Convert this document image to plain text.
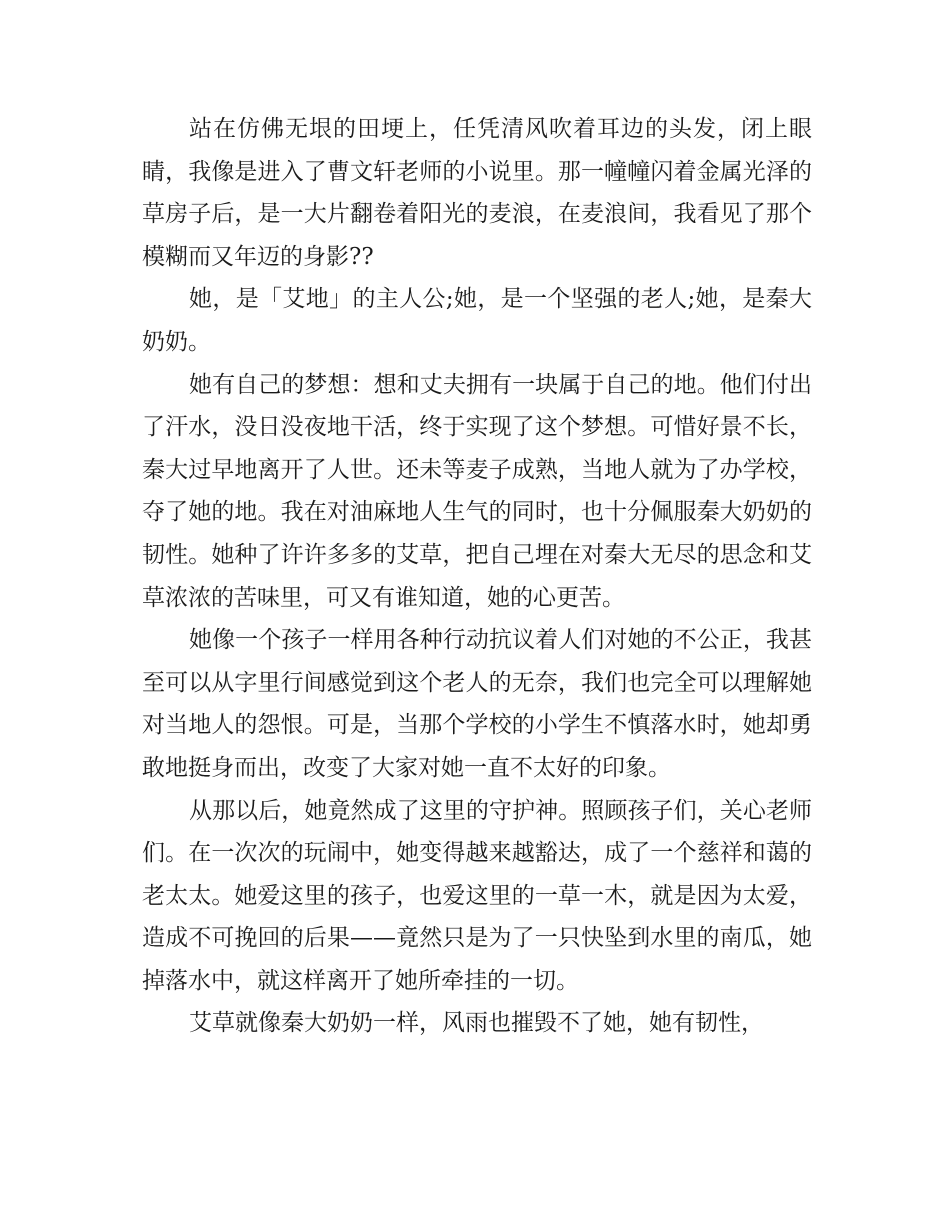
站在仿佛无垠的田埂上，任凭清风吹着耳边的头发，闭上眼睛，我像是进入了曹文轩老师的小说里。那一幢幢闪着金属光泽的草房子后，是一大片翻卷着阳光的麦浪，在麦浪间，我看见了那个模糊而又年迈的身影??

她，是「艾地」的主人公;她，是一个坚强的老人;她，是秦大奶奶。

她有自己的梦想：想和丈夫拥有一块属于自己的地。他们付出了汗水，没日没夜地干活，终于实现了这个梦想。可惜好景不长，秦大过早地离开了人世。还未等麦子成熟，当地人就为了办学校，夺了她的地。我在对油麻地人生气的同时，也十分佩服秦大奶奶的韧性。她种了许许多多的艾草，把自己埋在对秦大无尽的思念和艾草浓浓的苦味里，可又有谁知道，她的心更苦。

她像一个孩子一样用各种行动抗议着人们对她的不公正，我甚至可以从字里行间感觉到这个老人的无奈，我们也完全可以理解她对当地人的怨恨。可是，当那个学校的小学生不慎落水时，她却勇敢地挺身而出，改变了大家对她一直不太好的印象。

从那以后，她竟然成了这里的守护神。照顾孩子们，关心老师们。在一次次的玩闹中，她变得越来越豁达，成了一个慈祥和蔼的老太太。她爱这里的孩子，也爱这里的一草一木，就是因为太爱，造成不可挽回的后果——竟然只是为了一只快坠到水里的南瓜，她掉落水中，就这样离开了她所牵挂的一切。

艾草就像秦大奶奶一样，风雨也摧毁不了她，她有韧性，
